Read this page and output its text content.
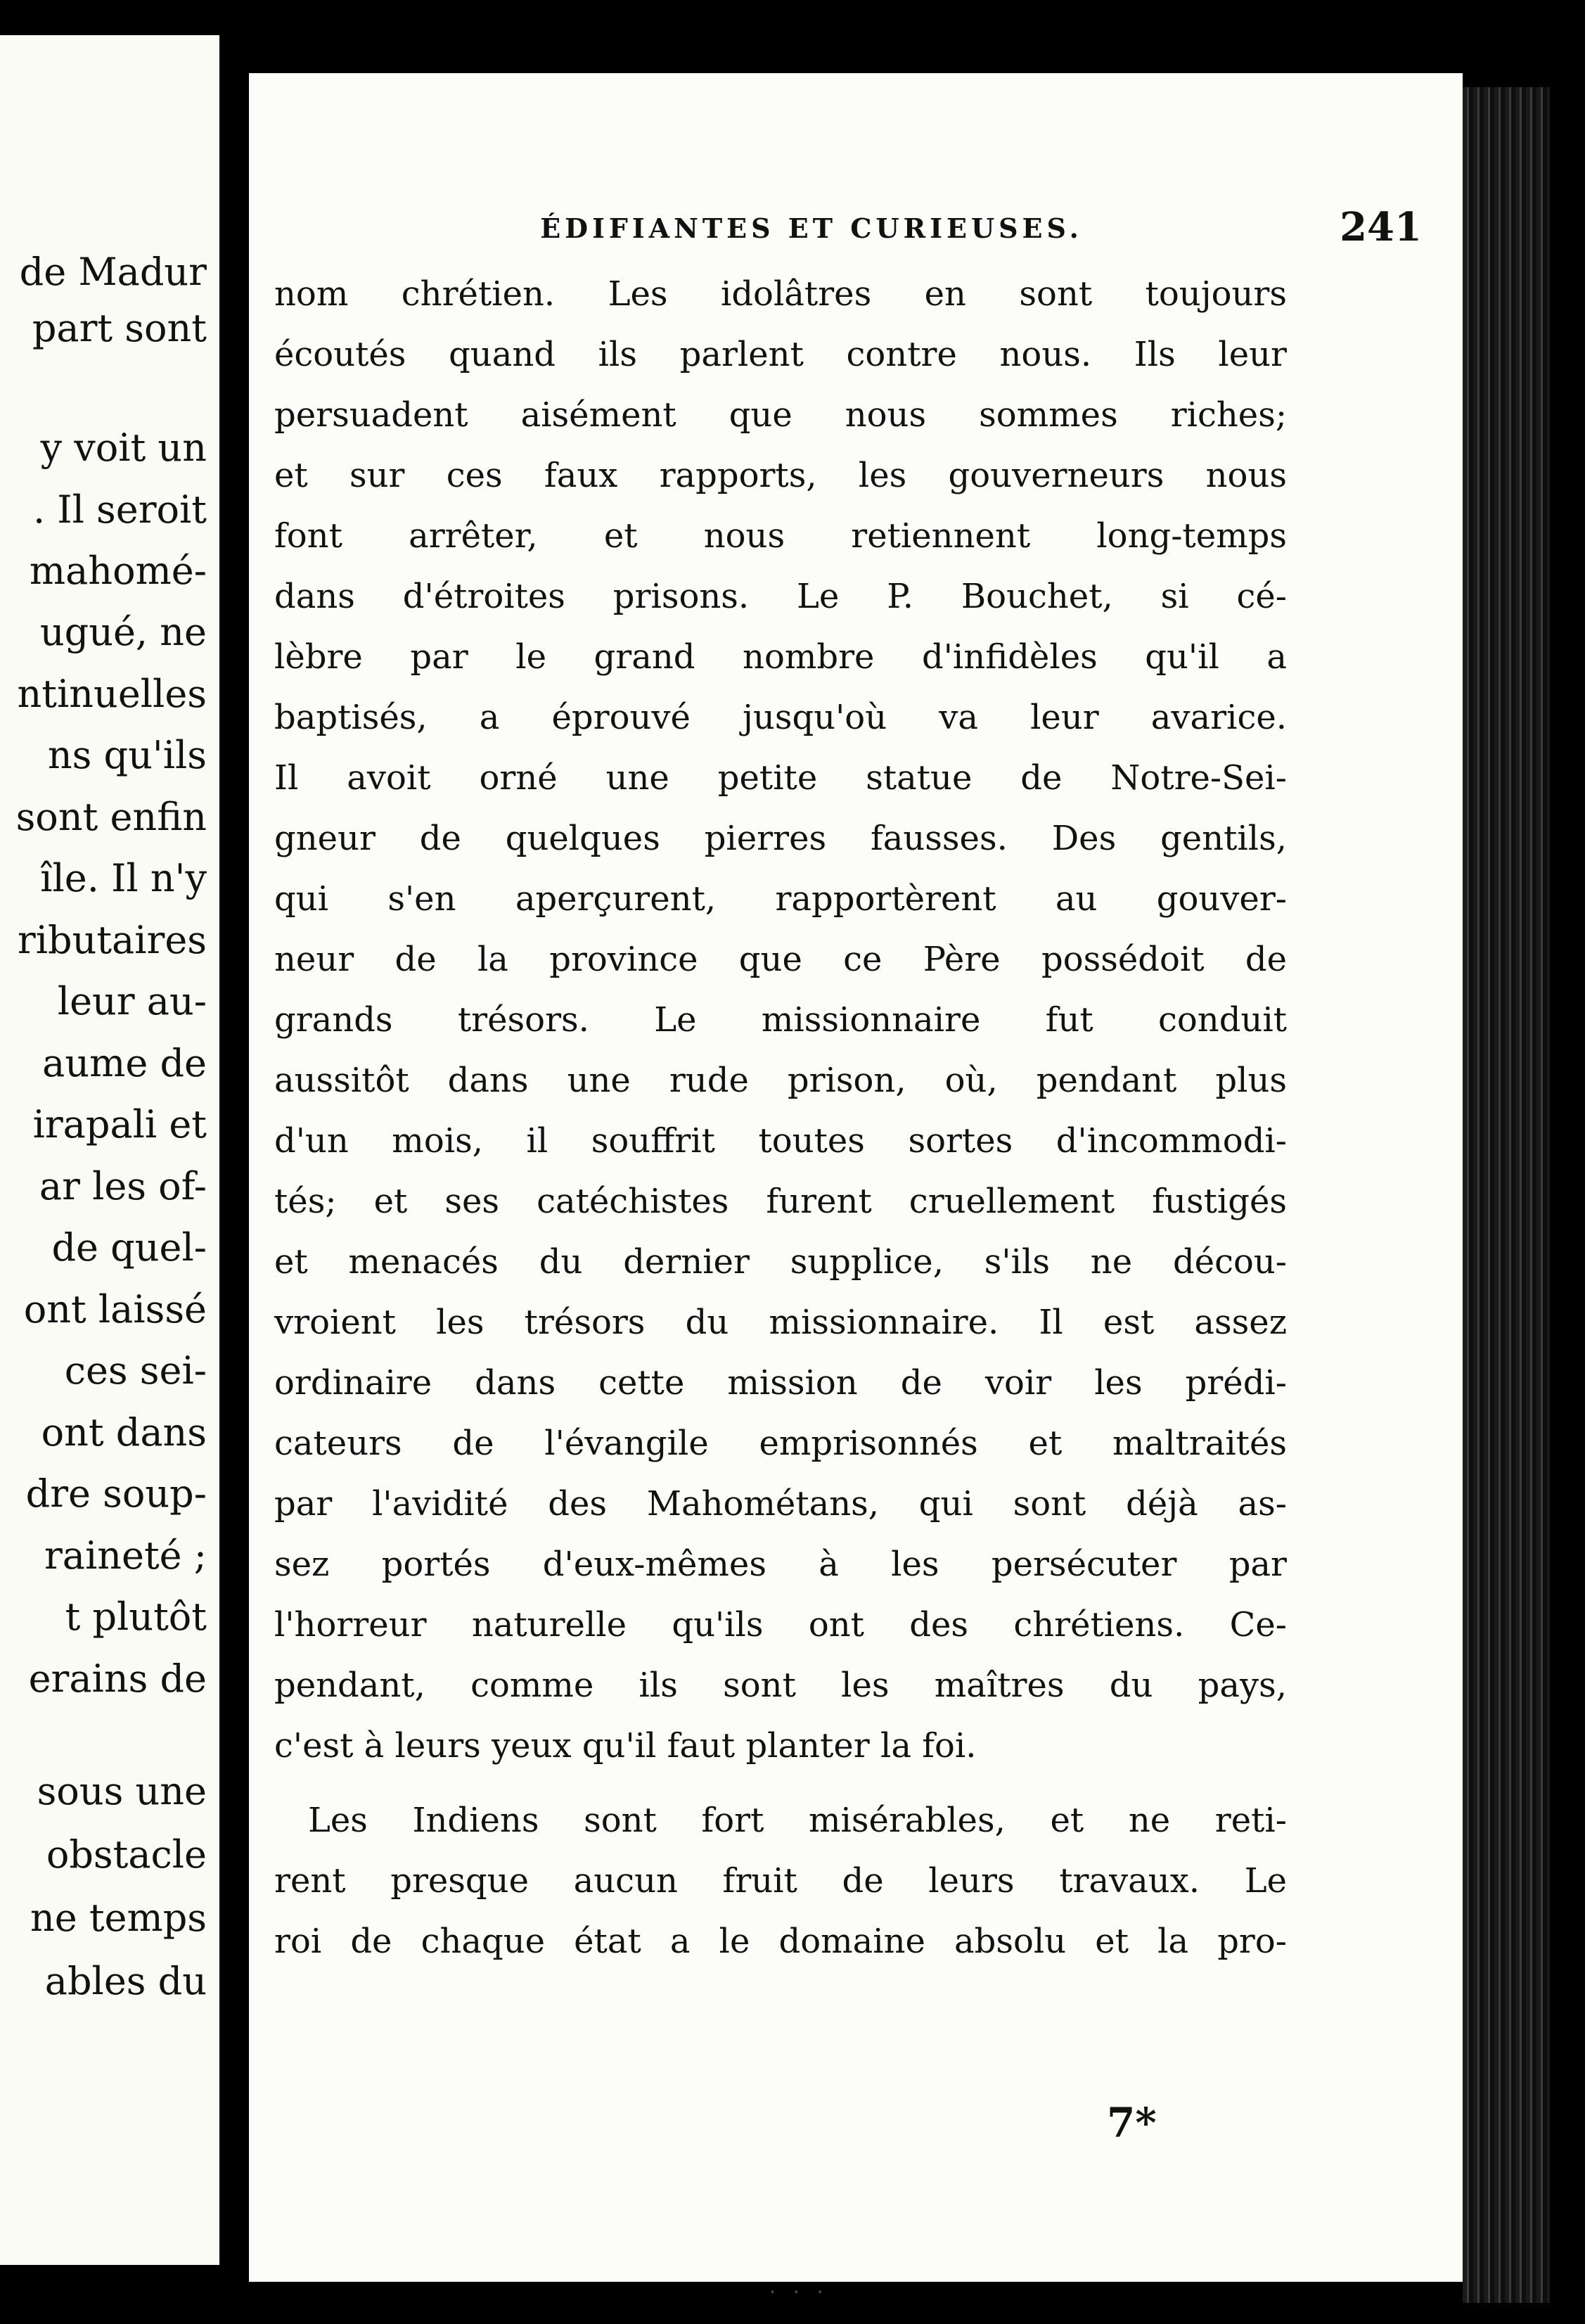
de Madur
part sont
y voit un
. Il seroit
mahomé-
ugué, ne
ntinuelles
ns qu'ils
sont enfin
île. Il n'y
ributaires
leur au-
aume de
irapali et
ar les of-
de quel-
ont laissé
ces sei-
ont dans
dre soup-
raineté ;
t plutôt
erains de
sous une
obstacle
ne temps
ables du
ÉDIFIANTES ET CURIEUSES.	241
nom chrétien. Les idolâtres en sont toujours
écoutés quand ils parlent contre nous. Ils leur
persuadent aisément que nous sommes riches;
et sur ces faux rapports, les gouverneurs nous
font arrêter, et nous retiennent long-temps
dans d'étroites prisons. Le P. Bouchet, si cé-
lèbre par le grand nombre d'infidèles qu'il a
baptisés, a éprouvé jusqu'où va leur avarice.
Il avoit orné une petite statue de Notre-Sei-
gneur de quelques pierres fausses. Des gentils,
qui s'en aperçurent, rapportèrent au gouver-
neur de la province que ce Père possédoit de
grands trésors. Le missionnaire fut conduit
aussitôt dans une rude prison, où, pendant plus
d'un mois, il souffrit toutes sortes d'incommodi-
tés; et ses catéchistes furent cruellement fustigés
et menacés du dernier supplice, s'ils ne décou-
vroient les trésors du missionnaire. Il est assez
ordinaire dans cette mission de voir les prédi-
cateurs de l'évangile emprisonnés et maltraités
par l'avidité des Mahométans, qui sont déjà as-
sez portés d'eux-mêmes à les persécuter par
l'horreur naturelle qu'ils ont des chrétiens. Ce-
pendant, comme ils sont les maîtres du pays,
c'est à leurs yeux qu'il faut planter la foi.
Les Indiens sont fort misérables, et ne reti-
rent presque aucun fruit de leurs travaux. Le
roi de chaque état a le domaine absolu et la pro-
7*
· · ·
